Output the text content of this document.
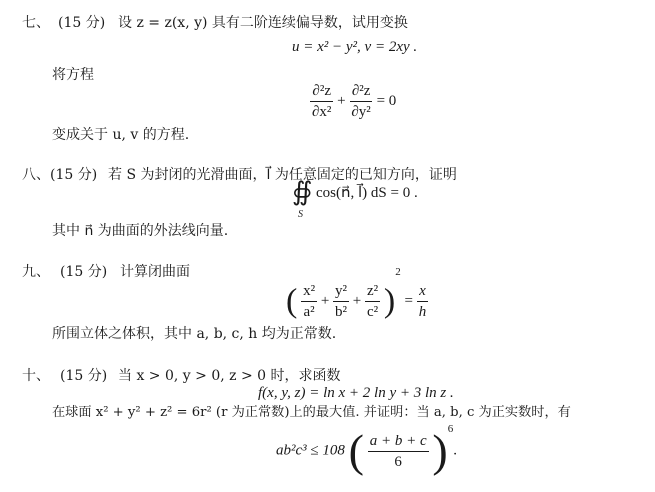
七、 (15 分) 设 z = z(x, y) 具有二阶连续偏导数，试用变换
u = x² − y², v = 2xy .
将方程
$\frac{\text{∂²z}}{\text{∂x²}} + \frac{\text{∂²z}}{\text{∂y²}} = 0$
变成关于 u, v 的方程.
八、 (15 分) 若 S 为封闭的光滑曲面，l⃗ 为任意固定的已知方向，证明
∯
S
cos(n⃗, l⃗) dS = 0 .
其中 n⃗ 为曲面的外法线向量.
九、 (15 分) 计算闭曲面
( $\frac{\text{x²}}{\text{a²}} + \frac{\text{y²}}{\text{b²}} + \frac{\text{z²}}{\text{c²}} )^2 = \frac{x}{h}$
所围立体之体积，其中 a, b, c, h 均为正常数.
十、 (15 分) 当 x > 0, y > 0, z > 0 时，求函数
f(x, y, z) = ln x + 2 ln y + 3 ln z .
在球面 x² + y² + z² = 6r² (r 为正常数)上的最大值. 并证明：当 a, b, c 为正实数时，有
ab²c³ ≤ 108 ( $\frac{a + b + c}{6} )^6$.
